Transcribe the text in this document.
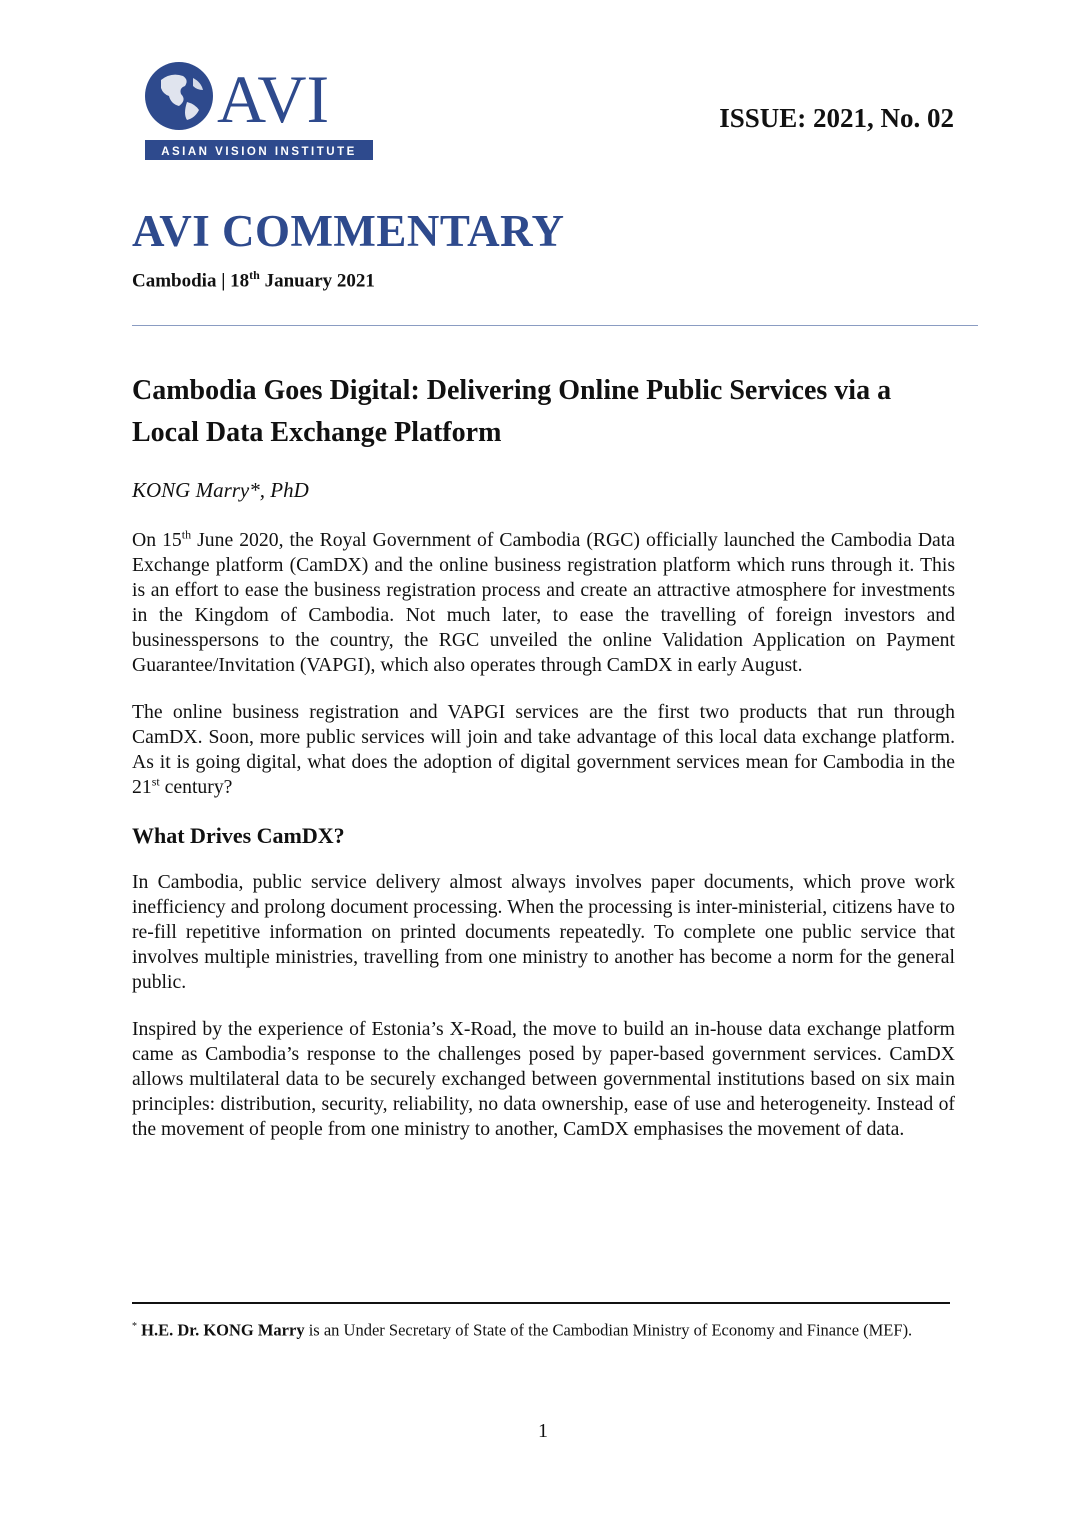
AVI
ASIAN VISION INSTITUTE
ISSUE: 2021, No. 02
AVI COMMENTARY
Cambodia | 18th January 2021
Cambodia Goes Digital: Delivering Online Public Services via a Local Data Exchange Platform
KONG Marry*, PhD

On 15th June 2020, the Royal Government of Cambodia (RGC) officially launched the Cambodia Data Exchange platform (CamDX) and the online business registration platform which runs through it. This is an effort to ease the business registration process and create an attractive atmosphere for investments in the Kingdom of Cambodia. Not much later, to ease the travelling of foreign investors and businesspersons to the country, the RGC unveiled the online Validation Application on Payment Guarantee/Invitation (VAPGI), which also operates through CamDX in early August.

The online business registration and VAPGI services are the first two products that run through CamDX. Soon, more public services will join and take advantage of this local data exchange platform. As it is going digital, what does the adoption of digital government services mean for Cambodia in the 21st century?

What Drives CamDX?

In Cambodia, public service delivery almost always involves paper documents, which prove work inefficiency and prolong document processing. When the processing is inter-ministerial, citizens have to re-fill repetitive information on printed documents repeatedly. To complete one public service that involves multiple ministries, travelling from one ministry to another has become a norm for the general public.

Inspired by the experience of Estonia’s X-Road, the move to build an in-house data exchange platform came as Cambodia’s response to the challenges posed by paper-based government services. CamDX allows multilateral data to be securely exchanged between governmental institutions based on six main principles: distribution, security, reliability, no data ownership, ease of use and heterogeneity. Instead of the movement of people from one ministry to another, CamDX emphasises the movement of data.

* H.E. Dr. KONG Marry is an Under Secretary of State of the Cambodian Ministry of Economy and Finance (MEF).
1
